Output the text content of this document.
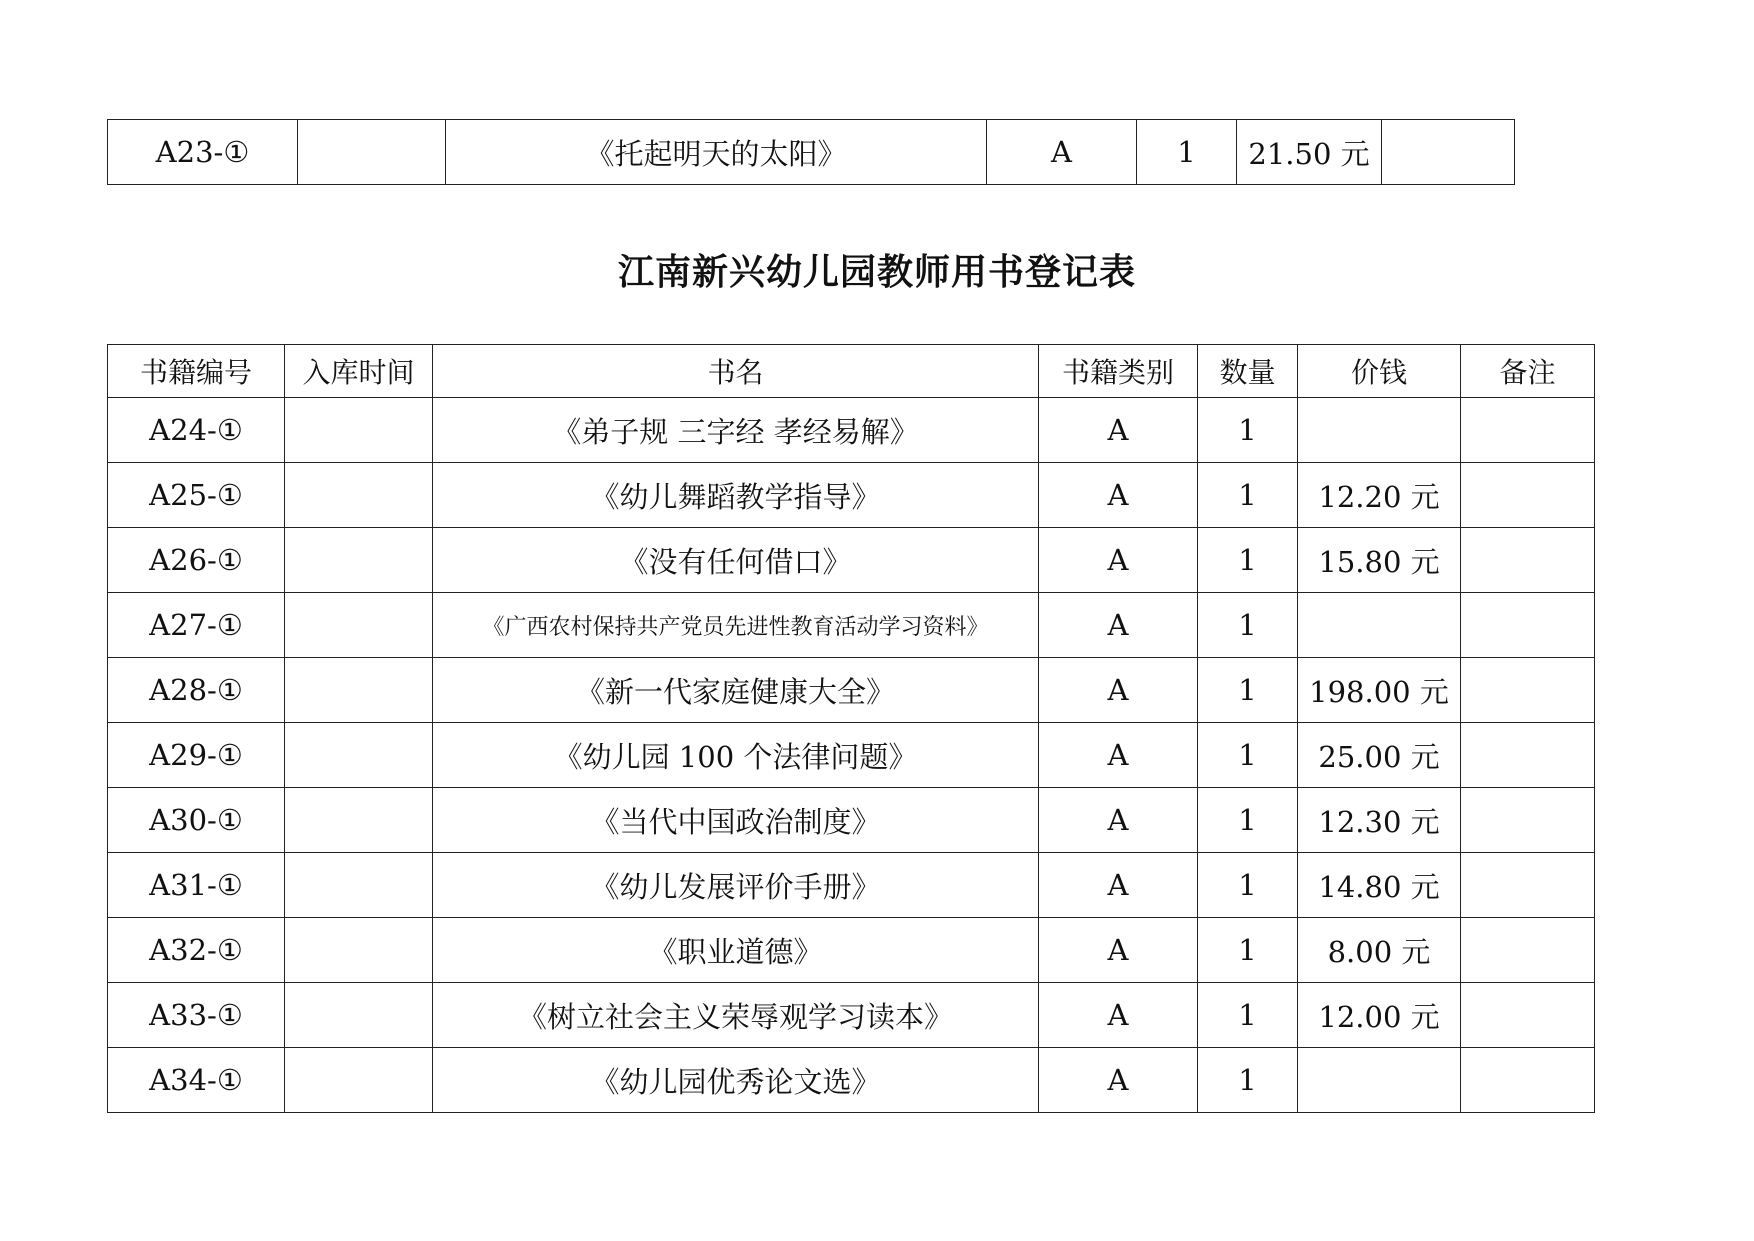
A23-①		《托起明天的太阳》	A	1	21.50 元	
江南新兴幼儿园教师用书登记表
书籍编号	入库时间	书名	书籍类别	数量	价钱	备注
A24-①		《弟子规 三字经 孝经易解》	A	1		
A25-①		《幼儿舞蹈教学指导》	A	1	12.20 元	
A26-①		《没有任何借口》	A	1	15.80 元	
A27-①		《广西农村保持共产党员先进性教育活动学习资料》	A	1		
A28-①		《新一代家庭健康大全》	A	1	198.00 元	
A29-①		《幼儿园 100 个法律问题》	A	1	25.00 元	
A30-①		《当代中国政治制度》	A	1	12.30 元	
A31-①		《幼儿发展评价手册》	A	1	14.80 元	
A32-①		《职业道德》	A	1	8.00 元	
A33-①		《树立社会主义荣辱观学习读本》	A	1	12.00 元	
A34-①		《幼儿园优秀论文选》	A	1		
